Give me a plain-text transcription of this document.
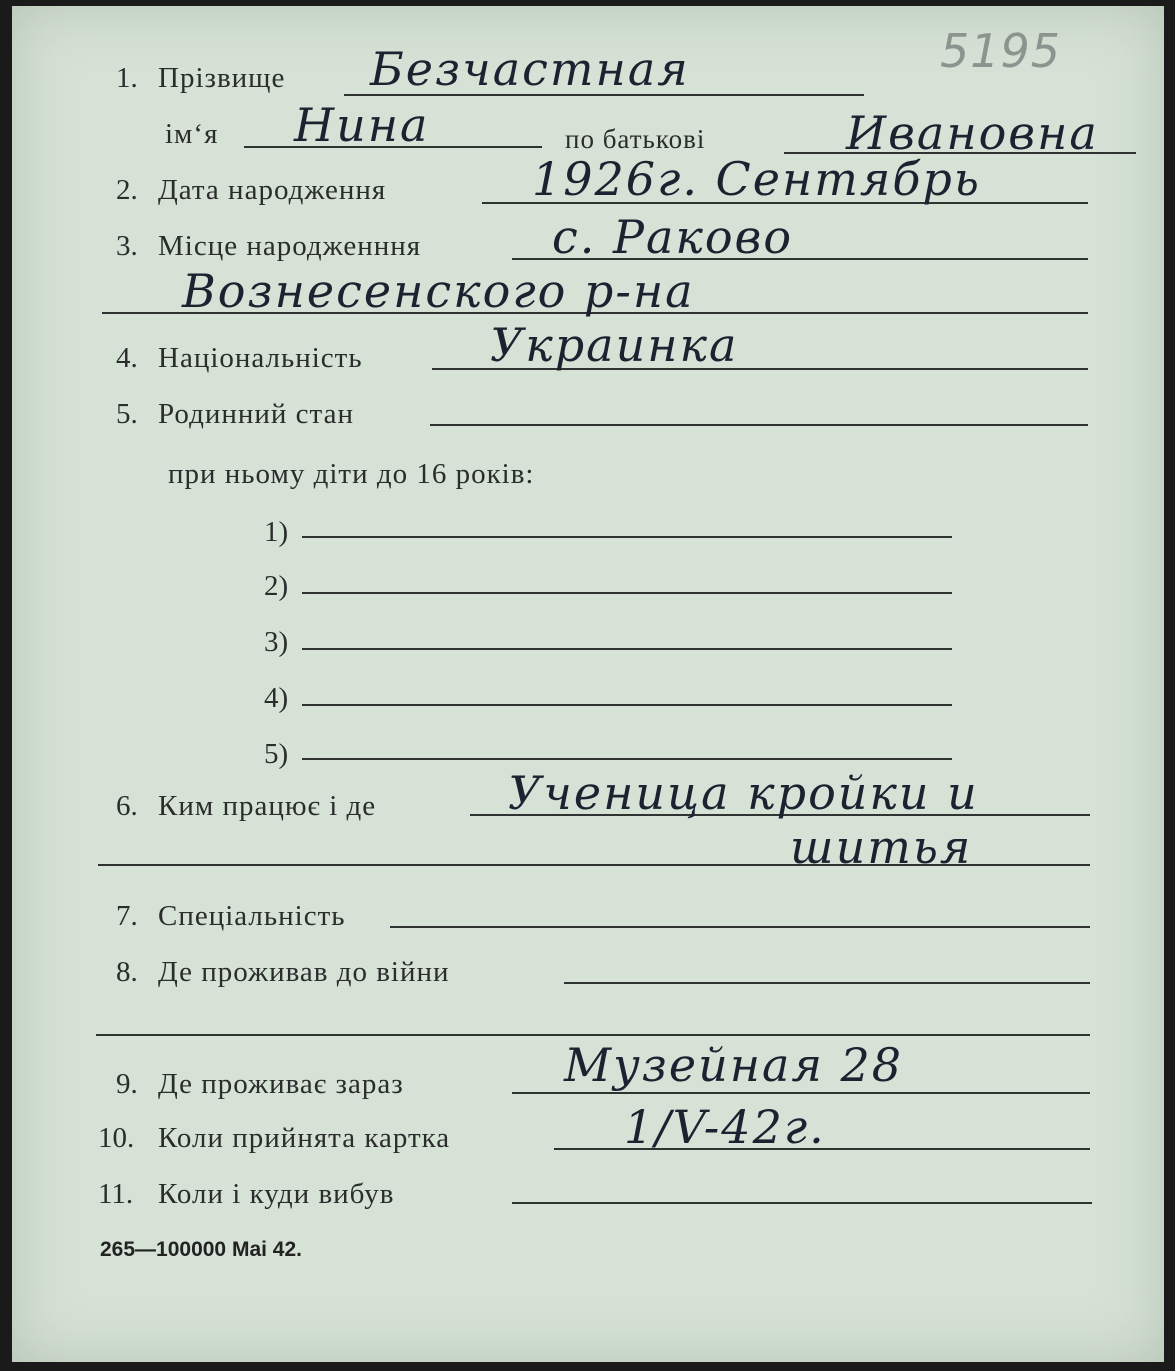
5195
1. Прізвище Безчастная
ім‘я Нина	по батькові	Ивановна
2. Дата народження	1926г. Сентябрь
3. Місце народженння	с. Раково
Вознесенского р-на
4. Національність	Украинка
5. Родинний стан
при ньому діти до 16 років:
1)
2)
3)
4)
5)
6. Ким працює і де	Ученица кройки и
шитья
7. Спеціальність
8. Де проживав до війни
9. Де проживає зараз	Музейная 28
10. Коли прийнята картка	1/V-42г.
11. Коли і куди вибув
265—100000 Mai 42.
